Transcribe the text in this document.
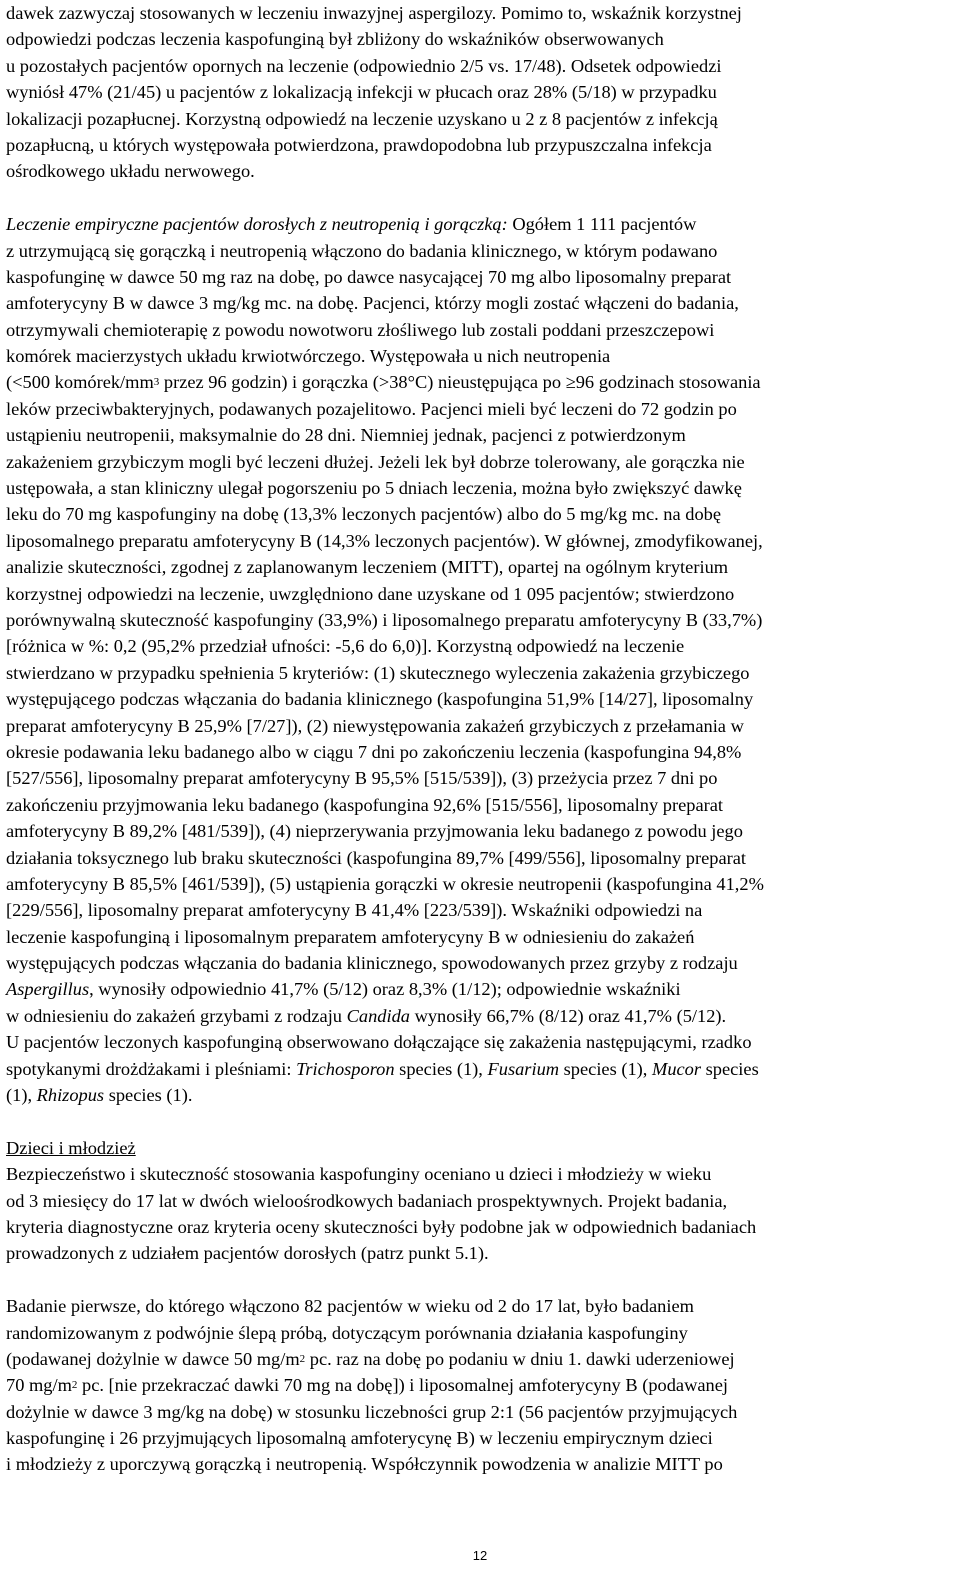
dawek zazwyczaj stosowanych w leczeniu inwazyjnej aspergilozy. Pomimo to, wskaźnik korzystnej
odpowiedzi podczas leczenia kaspofunginą był zbliżony do wskaźników obserwowanych
u pozostałych pacjentów opornych na leczenie (odpowiednio 2/5 vs. 17/48). Odsetek odpowiedzi
wyniósł 47% (21/45) u pacjentów z lokalizacją infekcji w płucach oraz 28% (5/18) w przypadku
lokalizacji pozapłucnej. Korzystną odpowiedź na leczenie uzyskano u 2 z 8 pacjentów z infekcją
pozapłucną, u których występowała potwierdzona, prawdopodobna lub przypuszczalna infekcja
ośrodkowego układu nerwowego.
Leczenie empiryczne pacjentów dorosłych z neutropenią i gorączką: Ogółem 1 111 pacjentów
z utrzymującą się gorączką i neutropenią włączono do badania klinicznego, w którym podawano
kaspofunginę w dawce 50 mg raz na dobę, po dawce nasycającej 70 mg albo liposomalny preparat
amfoterycyny B w dawce 3 mg/kg mc. na dobę. Pacjenci, którzy mogli zostać włączeni do badania,
otrzymywali chemioterapię z powodu nowotworu złośliwego lub zostali poddani przeszczepowi
komórek macierzystych układu krwiotwórczego. Występowała u nich neutropenia
(<500 komórek/$mm^3$ przez 96 godzin) i gorączka (>38°C) nieustępująca po ≥96 godzinach stosowania
leków przeciwbakteryjnych, podawanych pozajelitowo. Pacjenci mieli być leczeni do 72 godzin po
ustąpieniu neutropenii, maksymalnie do 28 dni. Niemniej jednak, pacjenci z potwierdzonym
zakażeniem grzybiczym mogli być leczeni dłużej. Jeżeli lek był dobrze tolerowany, ale gorączka nie
ustępowała, a stan kliniczny ulegał pogorszeniu po 5 dniach leczenia, można było zwiększyć dawkę
leku do 70 mg kaspofunginy na dobę (13,3% leczonych pacjentów) albo do 5 mg/kg mc. na dobę
liposomalnego preparatu amfoterycyny B (14,3% leczonych pacjentów). W głównej, zmodyfikowanej,
analizie skuteczności, zgodnej z zaplanowanym leczeniem (MITT), opartej na ogólnym kryterium
korzystnej odpowiedzi na leczenie, uwzględniono dane uzyskane od 1 095 pacjentów; stwierdzono
porównywalną skuteczność kaspofunginy (33,9%) i liposomalnego preparatu amfoterycyny B (33,7%)
[różnica w %: 0,2 (95,2% przedział ufności: -5,6 do 6,0)]. Korzystną odpowiedź na leczenie
stwierdzano w przypadku spełnienia 5 kryteriów: (1) skutecznego wyleczenia zakażenia grzybiczego
występującego podczas włączania do badania klinicznego (kaspofungina 51,9% [14/27], liposomalny
preparat amfoterycyny B 25,9% [7/27]), (2) niewystępowania zakażeń grzybiczych z przełamania w
okresie podawania leku badanego albo w ciągu 7 dni po zakończeniu leczenia (kaspofungina 94,8%
[527/556], liposomalny preparat amfoterycyny B 95,5% [515/539]), (3) przeżycia przez 7 dni po
zakończeniu przyjmowania leku badanego (kaspofungina 92,6% [515/556], liposomalny preparat
amfoterycyny B 89,2% [481/539]), (4) nieprzerywania przyjmowania leku badanego z powodu jego
działania toksycznego lub braku skuteczności (kaspofungina 89,7% [499/556], liposomalny preparat
amfoterycyny B 85,5% [461/539]), (5) ustąpienia gorączki w okresie neutropenii (kaspofungina 41,2%
[229/556], liposomalny preparat amfoterycyny B 41,4% [223/539]). Wskaźniki odpowiedzi na
leczenie kaspofunginą i liposomalnym preparatem amfoterycyny B w odniesieniu do zakażeń
występujących podczas włączania do badania klinicznego, spowodowanych przez grzyby z rodzaju
Aspergillus, wynosiły odpowiednio 41,7% (5/12) oraz 8,3% (1/12); odpowiednie wskaźniki
w odniesieniu do zakażeń grzybami z rodzaju Candida wynosiły 66,7% (8/12) oraz 41,7% (5/12).
U pacjentów leczonych kaspofunginą obserwowano dołączające się zakażenia następującymi, rzadko
spotykanymi drożdżakami i pleśniami: Trichosporon species (1), Fusarium species (1), Mucor species
(1), Rhizopus species (1).
Dzieci i młodzież
Bezpieczeństwo i skuteczność stosowania kaspofunginy oceniano u dzieci i młodzieży w wieku
od 3 miesięcy do 17 lat w dwóch wieloośrodkowych badaniach prospektywnych. Projekt badania,
kryteria diagnostyczne oraz kryteria oceny skuteczności były podobne jak w odpowiednich badaniach
prowadzonych z udziałem pacjentów dorosłych (patrz punkt 5.1).
Badanie pierwsze, do którego włączono 82 pacjentów w wieku od 2 do 17 lat, było badaniem
randomizowanym z podwójnie ślepą próbą, dotyczącym porównania działania kaspofunginy
(podawanej dożylnie w dawce 50 $mg/m^2$ pc. raz na dobę po podaniu w dniu 1. dawki uderzeniowej
70 $mg/m^2$ pc. [nie przekraczać dawki 70 mg na dobę]) i liposomalnej amfoterycyny B (podawanej
dożylnie w dawce 3 mg/kg na dobę) w stosunku liczebności grup 2:1 (56 pacjentów przyjmujących
kaspofunginę i 26 przyjmujących liposomalną amfoterycynę B) w leczeniu empirycznym dzieci
i młodzieży z uporczywą gorączką i neutropenią. Współczynnik powodzenia w analizie MITT po
12
